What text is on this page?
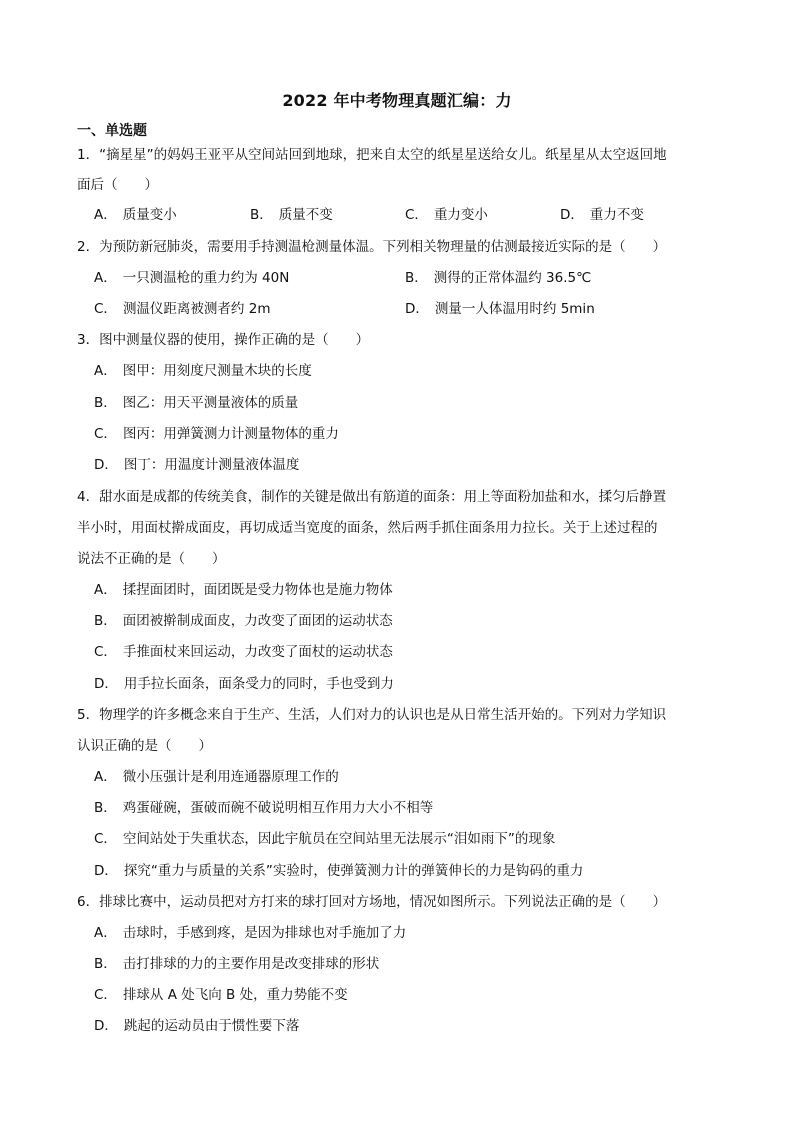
2022 年中考物理真题汇编：力
一、单选题
1．“摘星星”的妈妈王亚平从空间站回到地球，把来自太空的纸星星送给女儿。纸星星从太空返回地
面后（　　）
A． 质量变小	B． 质量不变	C． 重力变小	D． 重力不变
2．为预防新冠肺炎，需要用手持测温枪测量体温。下列相关物理量的估测最接近实际的是（　　）
A． 一只测温枪的重力约为 40N	B． 测得的正常体温约 36.5℃
C． 测温仪距离被测者约 2m	D． 测量一人体温用时约 5min
3．图中测量仪器的使用，操作正确的是（　　）
A． 图甲：用刻度尺测量木块的长度
B． 图乙：用天平测量液体的质量
C． 图丙：用弹簧测力计测量物体的重力
D． 图丁：用温度计测量液体温度
4．甜水面是成都的传统美食，制作的关键是做出有筋道的面条：用上等面粉加盐和水，揉匀后静置
半小时，用面杖擀成面皮，再切成适当宽度的面条，然后两手抓住面条用力拉长。关于上述过程的
说法不正确的是（　　）
A． 揉捏面团时，面团既是受力物体也是施力物体
B． 面团被擀制成面皮，力改变了面团的运动状态
C． 手推面杖来回运动，力改变了面杖的运动状态
D． 用手拉长面条，面条受力的同时，手也受到力
5．物理学的许多概念来自于生产、生活，人们对力的认识也是从日常生活开始的。下列对力学知识
认识正确的是（　　）
A． 微小压强计是利用连通器原理工作的
B． 鸡蛋碰碗，蛋破而碗不破说明相互作用力大小不相等
C． 空间站处于失重状态，因此宇航员在空间站里无法展示“泪如雨下”的现象
D． 探究“重力与质量的关系”实验时，使弹簧测力计的弹簧伸长的力是钩码的重力
6．排球比赛中，运动员把对方打来的球打回对方场地，情况如图所示。下列说法正确的是（　　）
A． 击球时，手感到疼，是因为排球也对手施加了力
B． 击打排球的力的主要作用是改变排球的形状
C． 排球从 A 处飞向 B 处，重力势能不变
D． 跳起的运动员由于惯性要下落
